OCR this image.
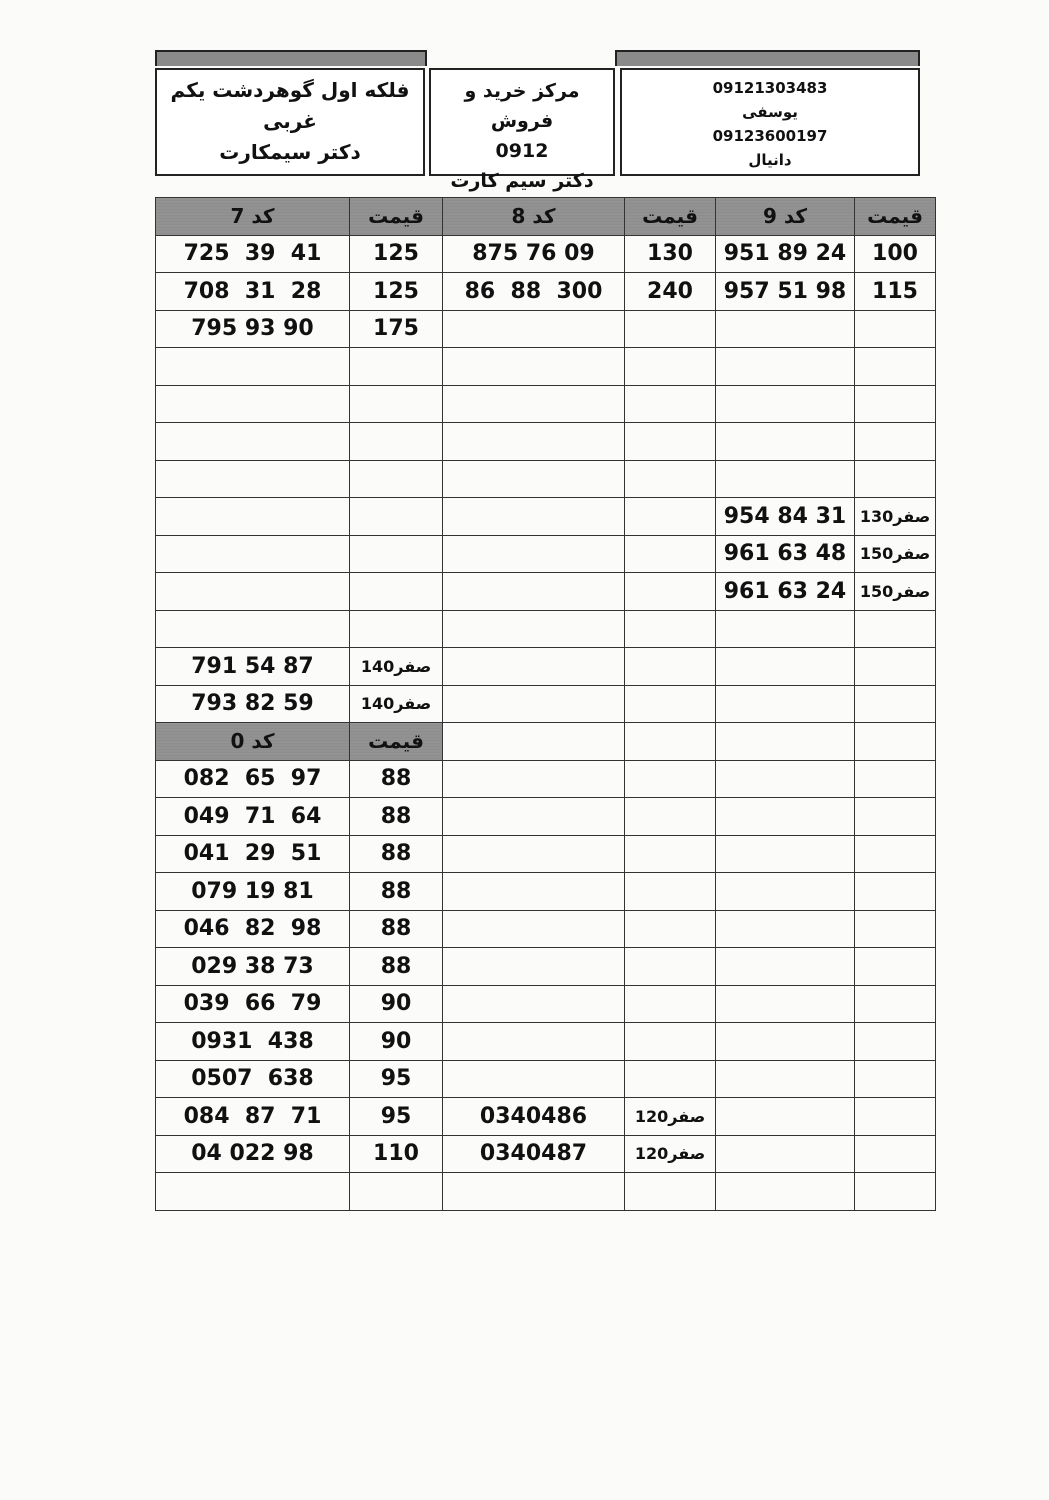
فلکه اول گوهردشت یکم
غربی
دکتر سیمکارت
مرکز خرید و فروش
0912
دکتر سیم کارت
09121303483
یوسفی
09123600197
دانیال
کد 7	قیمت	کد 8	قیمت	کد 9	قیمت
725  39  41	125	875 76 09	130	951 89 24	100
708  31  28	125	86  88  300	240	957 51 98	115
795 93 90	175				

				954 84 31	صفر130
				961 63 48	صفر150
				961 63 24	صفر150

791 54 87	صفر140				
793 82 59	صفر140				
کد 0	قیمت				
082  65  97	88				
049  71  64	88				
041  29  51	88				
079 19 81	88				
046  82  98	88				
029 38 73	88				
039  66  79	90				
0931  438	90				
0507  638	95				
084  87  71	95	0340486	صفر120		
04 022 98	110	0340487	صفر120		
